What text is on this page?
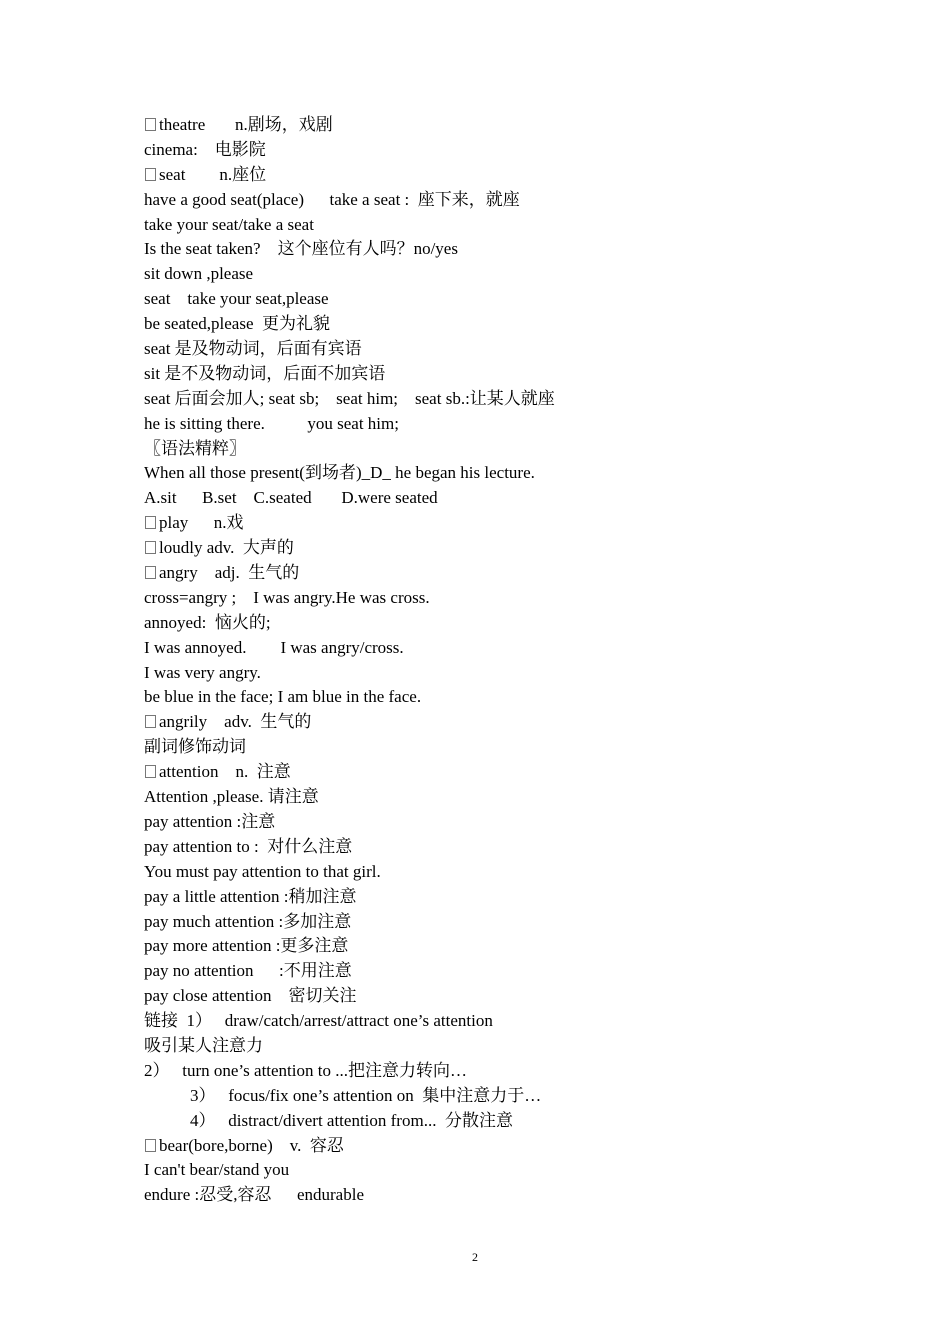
theatre       n.剧场，戏剧
cinema:    电影院
seat        n.座位
have a good seat(place)      take a seat :  座下来，就座
take your seat/take a seat
Is the seat taken?    这个座位有人吗？no/yes
sit down ,please
seat    take your seat,please
be seated,please  更为礼貌
seat 是及物动词，后面有宾语
sit 是不及物动词，后面不加宾语
seat 后面会加人; seat sb;    seat him;    seat sb.:让某人就座
he is sitting there.          you seat him;
〖语法精粹〗
When all those present(到场者)_D_ he began his lecture.
A.sit      B.set    C.seated       D.were seated
play      n.戏
loudly adv.  大声的
angry    adj.  生气的
cross=angry ;    I was angry.He was cross.
annoyed:  恼火的;
I was annoyed.        I was angry/cross.
I was very angry.
be blue in the face; I am blue in the face.
angrily    adv.  生气的
副词修饰动词
attention    n.  注意
Attention ,please. 请注意
pay attention :注意
pay attention to :  对什么注意
You must pay attention to that girl.
pay a little attention :稍加注意
pay much attention :多加注意
pay more attention :更多注意
pay no attention      :不用注意
pay close attention    密切关注
链接  1）   draw/catch/arrest/attract one’s attention
吸引某人注意力
2）   turn one’s attention to ...把注意力转向…
3）   focus/fix one’s attention on  集中注意力于…
4）   distract/divert attention from...  分散注意
bear(bore,borne)    v.  容忍
I can't bear/stand you
endure :忍受,容忍      endurable
2
